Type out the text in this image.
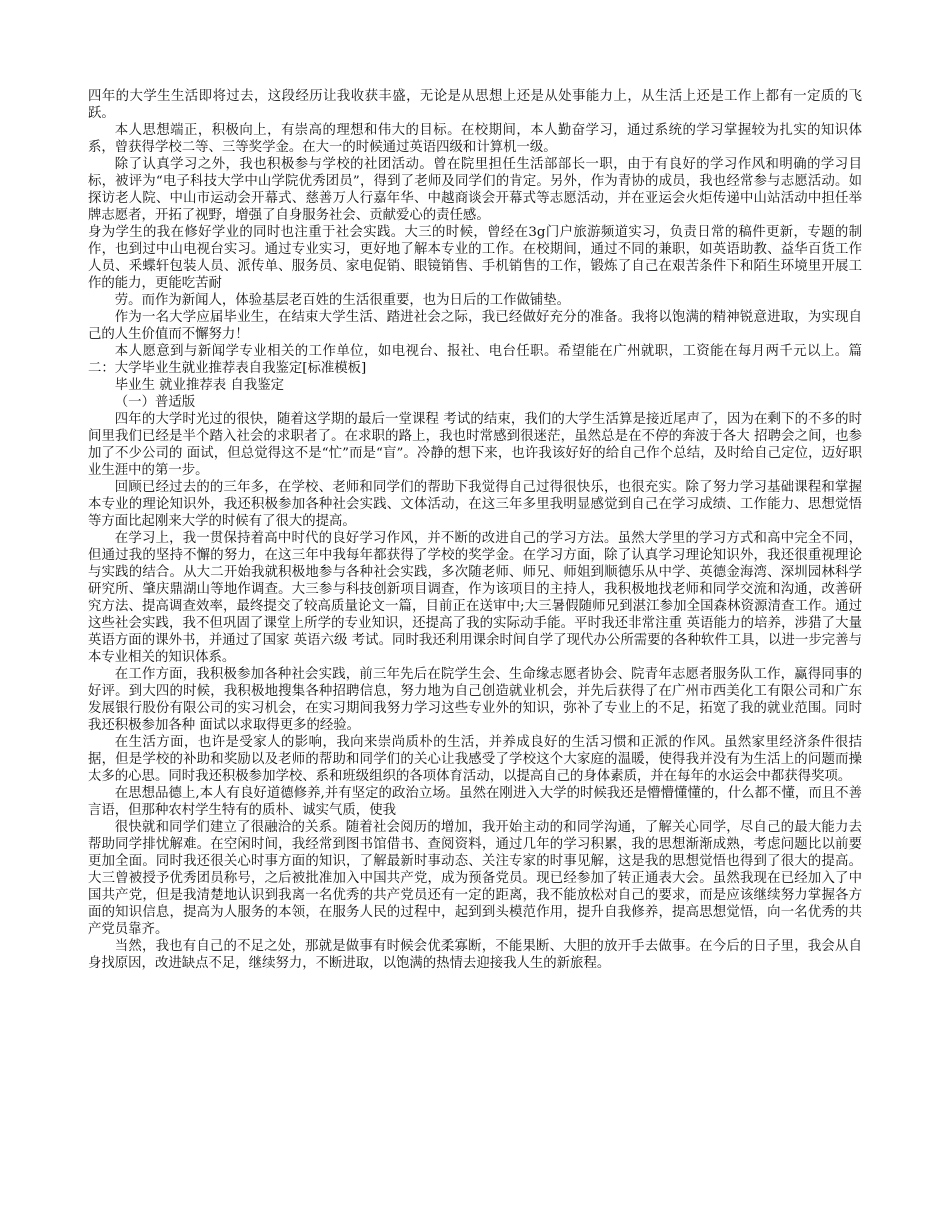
四年的大学生生活即将过去，这段经历让我收获丰盛，无论是从思想上还是从处事能力上，从生活上还是工作上都有一定质的飞跃。

本人思想端正，积极向上，有崇高的理想和伟大的目标。在校期间，本人勤奋学习，通过系统的学习掌握较为扎实的知识体系，曾获得学校二等、三等奖学金。在大一的时候通过英语四级和计算机一级。

除了认真学习之外，我也积极参与学校的社团活动。曾在院里担任生活部部长一职，由于有良好的学习作风和明确的学习目标，被评为“电子科技大学中山学院优秀团员”，得到了老师及同学们的肯定。另外，作为青协的成员，我也经常参与志愿活动。如探访老人院、中山市运动会开幕式、慈善万人行嘉年华、中越商谈会开幕式等志愿活动，并在亚运会火炬传递中山站活动中担任举牌志愿者，开拓了视野，增强了自身服务社会、贡献爱心的责任感。

身为学生的我在修好学业的同时也注重于社会实践。大三的时候，曾经在3g门户旅游频道实习，负责日常的稿件更新，专题的制作，也到过中山电视台实习。通过专业实习，更好地了解本专业的工作。在校期间，通过不同的兼职，如英语助教、益华百货工作人员、釆蝶轩包装人员、派传单、服务员、家电促销、眼镜销售、手机销售的工作，锻炼了自己在艰苦条件下和陌生环境里开展工作的能力，更能吃苦耐

劳。而作为新闻人，体验基层老百姓的生活很重要，也为日后的工作做铺垫。

作为一名大学应届毕业生，在结束大学生活、踏进社会之际，我已经做好充分的准备。我将以饱满的精神锐意进取，为实现自己的人生价值而不懈努力！

本人愿意到与新闻学专业相关的工作单位，如电视台、报社、电台任职。希望能在广州就职，工资能在每月两千元以上。篇二：大学毕业生就业推荐表自我鉴定[标准模板]

毕业生 就业推荐表 自我鉴定

（一）普适版

四年的大学时光过的很快，随着这学期的最后一堂课程 考试的结束，我们的大学生活算是接近尾声了，因为在剩下的不多的时间里我们已经是半个踏入社会的求职者了。在求职的路上，我也时常感到很迷茫，虽然总是在不停的奔波于各大 招聘会之间，也参加了不少公司的 面试，但总觉得这不是“忙”而是“盲”。冷静的想下来，也许我该好好的给自己作个总结，及时给自己定位，迈好职业生涯中的第一步。

回顾已经过去的的三年多，在学校、老师和同学们的帮助下我觉得自己过得很快乐，也很充实。除了努力学习基础课程和掌握本专业的理论知识外，我还积极参加各种社会实践、文体活动，在这三年多里我明显感觉到自己在学习成绩、工作能力、思想觉悟等方面比起刚来大学的时候有了很大的提高。

在学习上，我一贯保持着高中时代的良好学习作风，并不断的改进自己的学习方法。虽然大学里的学习方式和高中完全不同，但通过我的坚持不懈的努力，在这三年中我每年都获得了学校的奖学金。在学习方面，除了认真学习理论知识外，我还很重视理论与实践的结合。从大二开始我就积极地参与各种社会实践，多次随老师、师兄、师姐到顺德乐从中学、英德金海湾、深圳园林科学研究所、肇庆鼎湖山等地作调查。大三参与科技创新项目调查，作为该项目的主持人，我积极地找老师和同学交流和沟通，改善研究方法、提高调查效率，最终提交了较高质量论文一篇，目前正在送审中;大三暑假随师兄到湛江参加全国森林资源清查工作。通过这些社会实践，我不但巩固了课堂上所学的专业知识，还提高了我的实际动手能。平时我还非常注重 英语能力的培养，涉猎了大量英语方面的课外书，并通过了国家 英语六级 考试。同时我还利用课余时间自学了现代办公所需要的各种软件工具，以进一步完善与本专业相关的知识体系。

在工作方面，我积极参加各种社会实践，前三年先后在院学生会、生命缘志愿者协会、院青年志愿者服务队工作，赢得同事的好评。到大四的时候，我积极地搜集各种招聘信息，努力地为自己创造就业机会，并先后获得了在广州市西美化工有限公司和广东发展银行股份有限公司的实习机会，在实习期间我努力学习这些专业外的知识，弥补了专业上的不足，拓宽了我的就业范围。同时我还积极参加各种 面试以求取得更多的经验。

在生活方面，也许是受家人的影响，我向来崇尚质朴的生活，并养成良好的生活习惯和正派的作风。虽然家里经济条件很拮据，但是学校的补助和奖励以及老师的帮助和同学们的关心让我感受了学校这个大家庭的温暖，使得我并没有为生活上的问题而操太多的心思。同时我还积极参加学校、系和班级组织的各项体育活动，以提高自己的身体素质，并在每年的水运会中都获得奖项。

在思想品德上,本人有良好道德修养,并有坚定的政治立场。虽然在刚进入大学的时候我还是懵懵懂懂的，什么都不懂，而且不善言语，但那种农村学生特有的质朴、诚实气质，使我

很快就和同学们建立了很融洽的关系。随着社会阅历的增加，我开始主动的和同学沟通，了解关心同学，尽自己的最大能力去帮助同学排忧解难。在空闲时间，我经常到图书馆借书、查阅资料，通过几年的学习积累，我的思想渐渐成熟，考虑问题比以前要更加全面。同时我还很关心时事方面的知识，了解最新时事动态、关注专家的时事见解，这是我的思想觉悟也得到了很大的提高。大三曾被授予优秀团员称号，之后被批准加入中国共产党，成为预备党员。现已经参加了转正通表大会。虽然我现在已经加入了中国共产党，但是我清楚地认识到我离一名优秀的共产党员还有一定的距离，我不能放松对自己的要求，而是应该继续努力掌握各方面的知识信息，提高为人服务的本领，在服务人民的过程中，起到到头模范作用，提升自我修养，提高思想觉悟，向一名优秀的共产党员靠齐。

当然，我也有自己的不足之处，那就是做事有时候会优柔寡断，不能果断、大胆的放开手去做事。在今后的日子里，我会从自身找原因，改进缺点不足，继续努力，不断进取，以饱满的热情去迎接我人生的新旅程。
